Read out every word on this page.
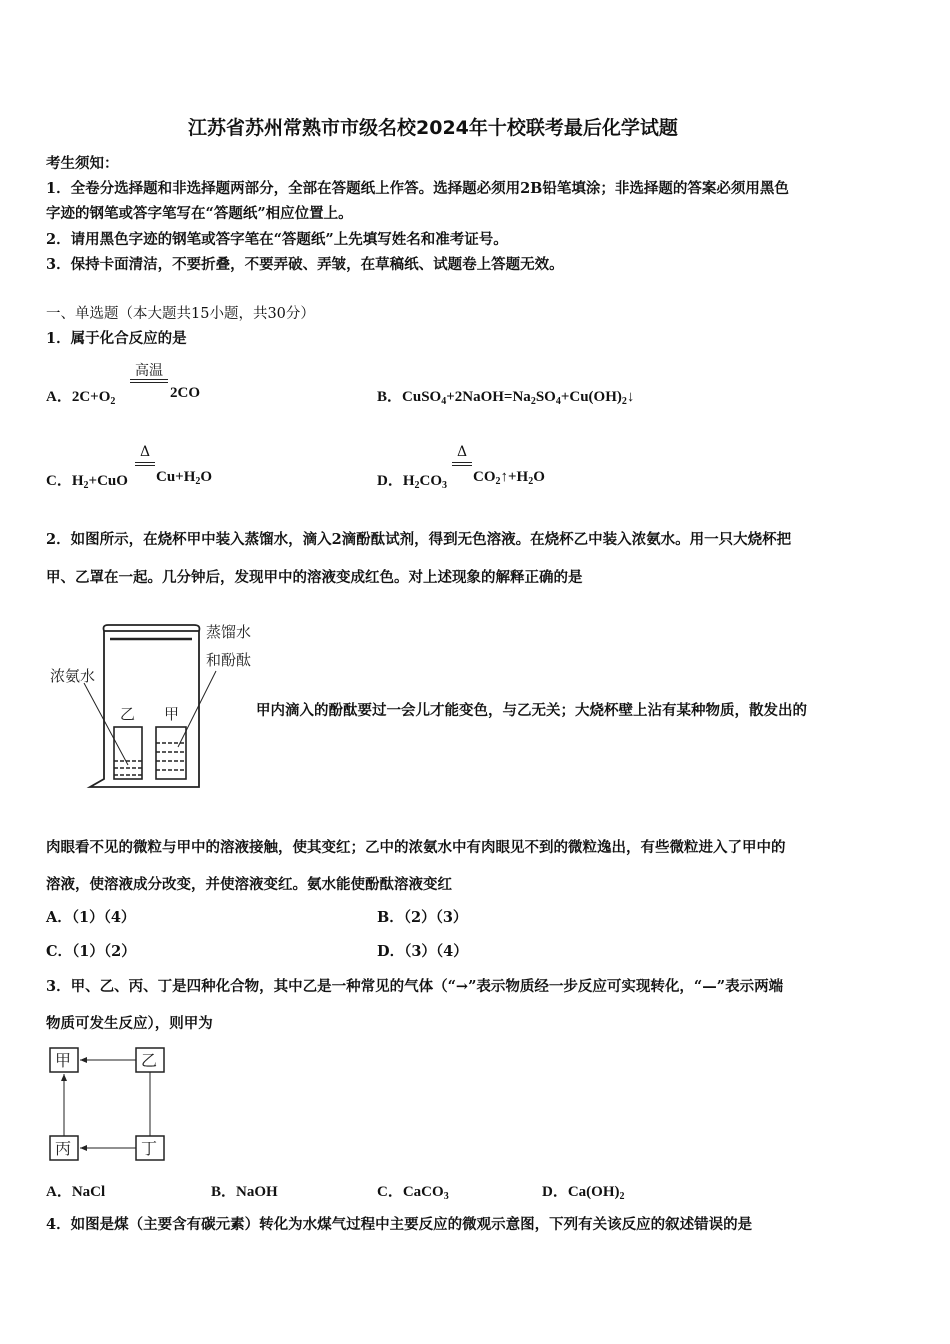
江苏省苏州常熟市市级名校2024年十校联考最后化学试题
考生须知：
1．全卷分选择题和非选择题两部分，全部在答题纸上作答。选择题必须用2B铅笔填涂；非选择题的答案必须用黑色
字迹的钢笔或答字笔写在“答题纸”相应位置上。
2．请用黑色字迹的钢笔或答字笔在“答题纸”上先填写姓名和准考证号。
3．保持卡面清洁，不要折叠，不要弄破、弄皱，在草稿纸、试题卷上答题无效。
一、单选题（本大题共15小题，共30分）
1．属于化合反应的是
A．$2C+O_2$
高温
2CO	B．$CuSO_4+2NaOH=Na_2SO_4+Cu(OH)_2↓$
C．$H_2+CuO$
Δ
$Cu+H_2O$	D．$H_2CO_3$
Δ
$CO_2↑+H_2O$
2．如图所示，在烧杯甲中装入蒸馏水，滴入2滴酚酞试剂，得到无色溶液。在烧杯乙中装入浓氨水。用一只大烧杯把
甲、乙罩在一起。几分钟后，发现甲中的溶液变成红色。对上述现象的解释正确的是
蒸馏水
和酚酞
浓氨水
乙 甲	甲内滴入的酚酞要过一会儿才能变色，与乙无关；大烧杯壁上沾有某种物质，散发出的
肉眼看不见的微粒与甲中的溶液接触，使其变红；乙中的浓氨水中有肉眼见不到的微粒逸出，有些微粒进入了甲中的
溶液，使溶液成分改变，并使溶液变红。氨水能使酚酞溶液变红
A．（1）（4）	B．（2）（3）
C．（1）（2）	D．（3）（4）
3．甲、乙、丙、丁是四种化合物，其中乙是一种常见的气体（“→”表示物质经一步反应可实现转化，“—”表示两端
物质可发生反应），则甲为
甲	乙
丙	丁
A．NaCl	B．NaOH	C．CaCO$_3$	D．$Ca(OH)_2$
4．如图是煤（主要含有碳元素）转化为水煤气过程中主要反应的微观示意图，下列有关该反应的叙述错误的是
